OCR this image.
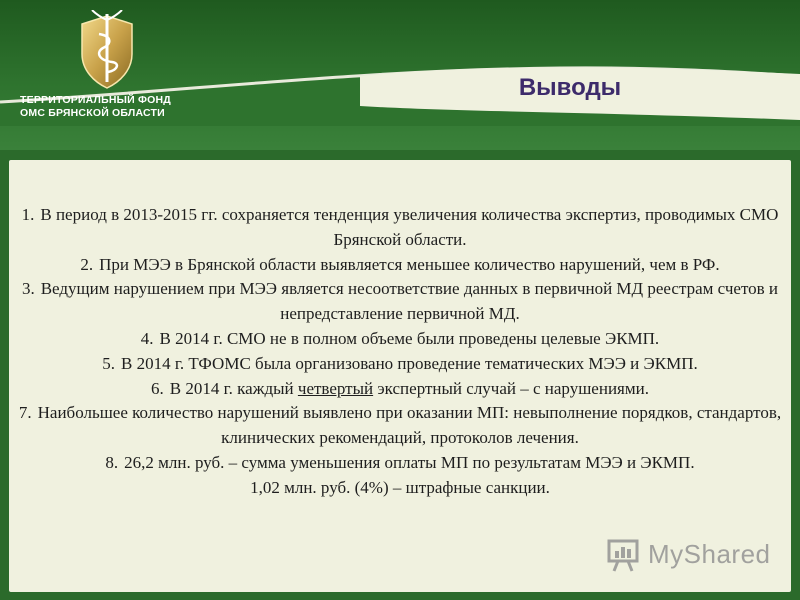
ТЕРРИТОРИАЛЬНЫЙ ФОНД
ОМС БРЯНСКОЙ ОБЛАСТИ
Выводы
1. В период в 2013-2015 гг. сохраняется тенденция увеличения количества экспертиз, проводимых СМО Брянской области.
2. При МЭЭ в Брянской области выявляется меньшее количество нарушений, чем в РФ.
3. Ведущим нарушением при МЭЭ является несоответствие данных в первичной МД реестрам счетов и непредставление первичной МД.
4. В 2014 г. СМО не в полном объеме были проведены целевые ЭКМП.
5. В 2014 г. ТФОМС была организовано проведение тематических МЭЭ и ЭКМП.
6. В 2014 г. каждый четвертый экспертный случай – с нарушениями.
7. Наибольшее количество нарушений выявлено при оказании МП: невыполнение порядков, стандартов, клинических рекомендаций, протоколов лечения.
8. 26,2 млн. руб. – сумма уменьшения оплаты МП по результатам МЭЭ и ЭКМП.
1,02 млн. руб. (4%) – штрафные санкции.
MyShared
